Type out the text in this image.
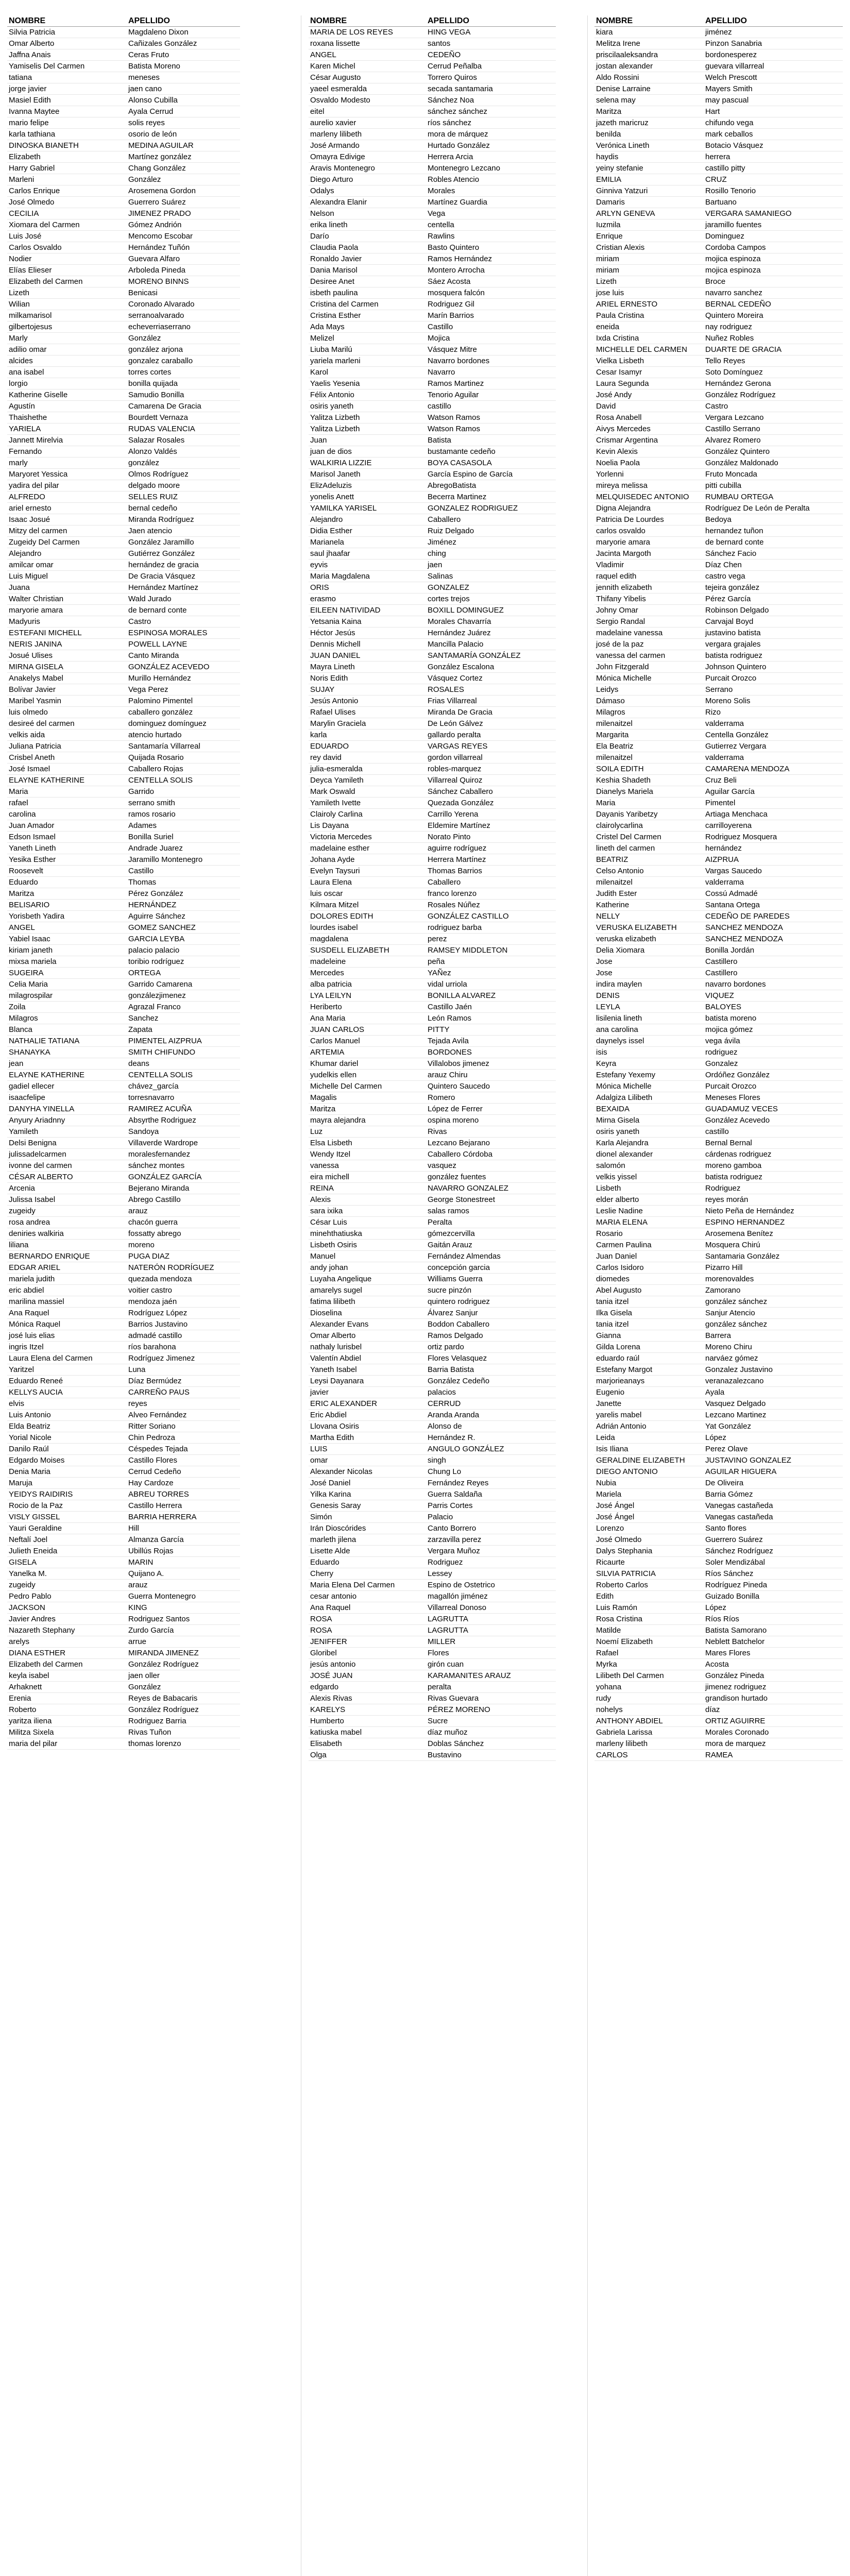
NOMBRE	APELLIDO
Silvia Patricia	Magdaleno Dixon
Omar Alberto	Cañizales González
Jaffna Anais	Ceras Fruto
Yamiselis Del Carmen	Batista Moreno
tatiana	meneses
jorge javier	jaen cano
Masiel Edith	Alonso Cubilla
Ivanna Maytee	Ayala Cerrud
mario felipe	solis reyes
karla tathiana	osorio de león
DINOSKA BIANETH	MEDINA AGUILAR
Elizabeth	Martínez gonzález
Harry Gabriel	Chang González
Marleni	González
Carlos Enrique	Arosemena Gordon
José Olmedo	Guerrero Suárez
CECILIA	JIMENEZ PRADO
Xiomara del Carmen	Gómez Andrión
Luis José	Mencomo Escobar
Carlos Osvaldo	Hernández Tuñón
Nodier	Guevara Alfaro
Elías Elieser	Arboleda Pineda
Elizabeth del Carmen	MORENO BINNS
Lizeth	Benicasi
Wilian	Coronado Alvarado
milkamarisol	serranoalvarado
gilbertojesus	echeverriaserrano
Marly	González
adilio omar	gonzález arjona
alcides	gonzalez caraballo
ana isabel	torres cortes
lorgio	bonilla quijada
Katherine Giselle	Samudio Bonilla
Agustín	Camarena De Gracia
Thaishethe	Bourdett Vernaza
YARIELA	RUDAS VALENCIA
Jannett Mirelvia	Salazar Rosales
Fernando	Alonzo Valdés
marly	gonzález
Maryoret Yessica	Olmos Rodríguez
yadira del pilar	delgado moore
ALFREDO	SELLES RUIZ
ariel ernesto	bernal cedeño
Isaac Josué	Miranda Rodríguez
Mitzy del carmen	Jaen atencio
Zugeidy Del Carmen	González Jaramillo
Alejandro	Gutiérrez González
amilcar omar	hernández de gracia
Luis Miguel	De Gracia Vásquez
Juana	Hernández Martínez
Walter Christian	Wald Jurado
maryorie amara	de bernard conte
Madyuris	Castro
ESTEFANI MICHELL	ESPINOSA MORALES
NERIS JANINA	POWELL LAYNE
Josué Ulises	Canto Miranda
MIRNA GISELA	GONZÁLEZ ACEVEDO
Anakelys Mabel	Murillo Hernández
Bolívar Javier	Vega Perez
Maribel Yasmin	Palomino Pimentel
luis olmedo	caballero gonzález
desireé del carmen	dominguez domínguez
velkis aida	atencio hurtado
Juliana Patricia	Santamaría Villarreal
Crisbel Aneth	Quijada Rosario
José Ismael	Caballero Rojas
ELAYNE KATHERINE	CENTELLA SOLIS
Maria	Garrido
rafael	serrano smith
carolina	ramos rosario
Juan Amador	Adames
Edson Ismael	Bonilla Suriel
Yaneth Lineth	Andrade Juarez
Yesika Esther	Jaramillo Montenegro
Roosevelt	Castillo
Eduardo	Thomas
Maritza	Pérez González
BELISARIO	HERNÁNDEZ
Yorisbeth Yadira	Aguirre Sánchez
ANGEL	GOMEZ SANCHEZ
Yabiel Isaac	GARCIA LEYBA
kiriam janeth	palacio palacio
mixsa mariela	toribio rodríguez
SUGEIRA	ORTEGA
Celia Maria	Garrido Camarena
milagrospilar	gonzálezjimenez
Zoila	Agrazal Franco
Milagros	Sanchez
Blanca	Zapata
NATHALIE TATIANA	PIMENTEL AIZPRUA
SHANAYKA	SMITH CHIFUNDO
jean	deans
ELAYNE KATHERINE	CENTELLA SOLIS
gadiel ellecer	chávez_garcía
isaacfelipe	torresnavarro
DANYHA YINELLA	RAMIREZ ACUÑA
Anyury Ariadnny	Absyrthe Rodriguez
Yamileth	Sandoya
Delsi Benigna	Villaverde Wardrope
julissadelcarmen	moralesfernandez
ivonne del carmen	sánchez montes
CÉSAR ALBERTO	GONZÁLEZ GARCÍA
Arcenia	Bejerano Miranda
Julissa Isabel	Abrego Castillo
zugeidy	arauz
rosa andrea	chacón guerra
deniries walkiria	fossatty abrego
liliana	moreno
BERNARDO ENRIQUE	PUGA DIAZ
EDGAR ARIEL	NATERÓN RODRÍGUEZ
mariela judith	quezada mendoza
eric abdiel	voitier castro
marilina massiel	mendoza jaén
Ana Raquel	Rodríguez López
Mónica Raquel	Barrios Justavino
josé luis elias	admadé castillo
ingris Itzel	ríos barahona
Laura Elena del Carmen	Rodríguez Jimenez
Yaritzel	Luna
Eduardo Reneé	Díaz Bermúdez
KELLYS AUCIA	CARREÑO PAUS
elvis	reyes
Luis Antonio	Alveo Fernández
Elda Beatriz	Ritter Soriano
Yorial Nicole	Chin Pedroza
Danilo Raúl	Céspedes Tejada
Edgardo Moises	Castillo Flores
Denia Maria	Cerrud Cedeño
Maruja	Hay Cardoze
YEIDYS RAIDIRIS	ABREU TORRES
Rocio de la Paz	Castillo Herrera
VISLY GISSEL	BARRIA HERRERA
Yauri Geraldine	Hill
Neftalí Joel	Almanza García
Julieth Eneida	Ubillús Rojas
GISELA	MARIN
Yanelka M.	Quijano A.
zugeidy	arauz
Pedro Pablo	Guerra Montenegro
JACKSON	KING
Javier Andres	Rodriguez Santos
Nazareth Stephany	Zurdo García
arelys	arrue
DIANA ESTHER	MIRANDA JIMENEZ
Elizabeth del Carmen	González Rodríguez
keyla isabel	jaen oller
Arhaknett	González
Erenia	Reyes de Babacaris
Roberto	González Rodríguez
yaritza iliena	Rodriguez Barria
Militza Sixela	Rivas Tuñon
maria del pilar	thomas lorenzo
NOMBRE	APELLIDO
MARIA DE LOS REYES	HING VEGA
roxana lissette	santos
ANGEL	CEDEÑO
Karen Michel	Cerrud Peñalba
César Augusto	Torrero Quiros
yaeel esmeralda	secada santamaria
Osvaldo Modesto	Sánchez Noa
eitel	sánchez sánchez
aurelio xavier	ríos sánchez
marleny lilibeth	mora de márquez
José Armando	Hurtado González
Omayra Edivige	Herrera Arcia
Aravis Montenegro	Montenegro Lezcano
Diego Arturo	Robles Atencio
Odalys	Morales
Alexandra Elanir	Martínez Guardia
Nelson	Vega
erika lineth	centella
Darío	Rawlins
Claudia Paola	Basto Quintero
Ronaldo Javier	Ramos Hernández
Dania Marisol	Montero Arrocha
Desiree Anet	Sáez Acosta
isbeth paulina	mosquera falcón
Cristina del Carmen	Rodriguez Gil
Cristina Esther	Marín Barrios
Ada Mays	Castillo
Melizel	Mojica
Liuba Marilú	Vásquez Mitre
yariela marleni	Navarro bordones
Karol	Navarro
Yaelis Yesenia	Ramos Martinez
Félix Antonio	Tenorio Aguilar
osiris yaneth	castillo
Yalitza Lizbeth	Watson Ramos
Yalitza Lizbeth	Watson Ramos
Juan	Batista
juan de dios	bustamante cedeño
WALKIRIA LIZZIE	BOYA CASASOLA
Marisol Janeth	García Espino de García
ElizAdeluzis	AbregoBatista
yonelis Anett	Becerra Martinez
YAMILKA YARISEL	GONZALEZ RODRIGUEZ
Alejandro	Caballero
Didia Esther	Ruiz Delgado
Marianela	Jiménez
saul jhaafar	ching
eyvis	jaen
Maria Magdalena	Salinas
ORIS	GONZALEZ
erasmo	cortes trejos
EILEEN NATIVIDAD	BOXILL DOMINGUEZ
Yetsania Kaina	Morales Chavarría
Héctor Jesús	Hernández Juárez
Dennis Michell	Mancilla Palacio
JUAN DANIEL	SANTAMARÍA GONZÁLEZ
Mayra Lineth	González Escalona
Noris Edith	Vásquez Cortez
SUJAY	ROSALES
Jesús Antonio	Frias Villarreal
Rafael Ulises	Miranda De Gracia
Marylin Graciela	De León Gálvez
karla	gallardo peralta
EDUARDO	VARGAS REYES
rey david	gordon villarreal
julia-esmeralda	robles-marquez
Deyca Yamileth	Villarreal Quiroz
Mark Oswald	Sánchez Caballero
Yamileth Ivette	Quezada González
Clairoly Carlina	Carrillo Yerena
Lis Dayana	Eldemire Martínez
Victoria Mercedes	Norato Pinto
madelaine esther	aguirre rodríguez
Johana Ayde	Herrera Martínez
Evelyn Taysuri	Thomas Barrios
Laura Elena	Caballero
luis oscar	franco lorenzo
Kilmara Mitzel	Rosales Núñez
DOLORES EDITH	GONZÁLEZ CASTILLO
lourdes isabel	rodriguez barba
magdalena	perez
SUSDELL ELIZABETH	RAMSEY MIDDLETON
madeleine	peña
Mercedes	YAÑez
alba patricia	vidal urriola
LYA LEILYN	BONILLA ALVAREZ
Heriberto	Castillo Jaén
Ana Maria	León Ramos
JUAN CARLOS	PITTY
Carlos Manuel	Tejada Avila
ARTEMIA	BORDONES
Khumar dariel	Villalobos jimenez
yudelkis ellen	arauz Chiru
Michelle Del Carmen	Quintero Saucedo
Magalis	Romero
Maritza	López de Ferrer
mayra alejandra	ospina moreno
Luz	Rivas
Elsa Lisbeth	Lezcano Bejarano
Wendy Itzel	Caballero Córdoba
vanessa	vasquez
eira michell	gonzález fuentes
REINA	NAVARRO GONZALEZ
Alexis	George Stonestreet
sara ixika	salas ramos
César Luis	Peralta
minehthatiuska	gómezcervilla
Lisbeth Osiris	Gaitán Arauz
Manuel	Fernández Almendas
andy johan	concepción garcia
Luyaha Angelique	Williams Guerra
amarelys sugel	sucre pinzón
fatima lilibeth	quintero rodriguez
Dioselina	Álvarez Sanjur
Alexander Evans	Boddon Caballero
Omar Alberto	Ramos Delgado
nathaly lurisbel	ortiz pardo
Valentín Abdiel	Flores Velasquez
Yaneth Isabel	Barria Batista
Leysi Dayanara	González Cedeño
javier	palacios
ERIC ALEXANDER	CERRUD
Eric Abdiel	Aranda Aranda
Llovana Osiris	Alonso de
Martha Edith	Hernández R.
LUIS	ANGULO GONZÁLEZ
omar	singh
Alexander Nicolas	Chung Lo
José Daniel	Fernández Reyes
Yilka Karina	Guerra Saldaña
Genesis Saray	Parris Cortes
Simón	Palacio
Irán Dioscórides	Canto Borrero
marleth jilena	zarzavilla perez
Lisette Alde	Vergara Muñoz
Eduardo	Rodriguez
Cherry	Lessey
Maria Elena Del Carmen	Espino de Ostetrico
cesar antonio	magallón jiménez
Ana Raquel	Villarreal Donoso
ROSA	LAGRUTTA
ROSA	LAGRUTTA
JENIFFER	MILLER
Gloribel	Flores
jesús antonio	girón cuan
JOSÉ JUAN	KARAMANITES ARAUZ
edgardo	peralta
Alexis Rivas	Rivas Guevara
KARELYS	PÉREZ MORENO
Humberto	Sucre
katiuska mabel	díaz muñoz
Elisabeth	Doblas Sánchez
Olga	Bustavino
NOMBRE	APELLIDO
kiara	jiménez
Melitza Irene	Pinzon Sanabria
priscilaaleksandra	bordonesperez
jostan alexander	guevara villarreal
Aldo Rossini	Welch Prescott
Denise Larraine	Mayers Smith
selena may	may pascual
Maritza	Hart
jazeth maricruz	chifundo vega
benilda	mark ceballos
Verónica Lineth	Botacio Vásquez
haydis	herrera
yeiny stefanie	castillo pitty
EMILIA	CRUZ
Ginniva Yatzuri	Rosillo Tenorio
Damaris	Bartuano
ARLYN GENEVA	VERGARA SAMANIEGO
Iuzmila	jaramillo fuentes
Enrique	Dominguez
Cristian Alexis	Cordoba Campos
miriam	mojica espinoza
miriam	mojica espinoza
Lizeth	Broce
jose luis	navarro sanchez
ARIEL ERNESTO	BERNAL CEDEÑO
Paula Cristina	Quintero Moreira
eneida	nay rodriguez
Ixda Cristina	Nuñez Robles
MICHELLE DEL CARMEN	DUARTE DE GRACIA
Vielka Lisbeth	Tello Reyes
Cesar Isamyr	Soto Domínguez
Laura Segunda	Hernández Gerona
José Andy	González Rodríguez
David	Castro
Rosa Anabell	Vergara Lezcano
Aivys Mercedes	Castillo Serrano
Crismar Argentina	Alvarez Romero
Kevin Alexis	González Quintero
Noelia Paola	González Maldonado
Yorlenni	Fruto Moncada
mireya melissa	pitti cubilla
MELQUISEDEC ANTONIO	RUMBAU ORTEGA
Digna Alejandra	Rodríguez De León de Peralta
Patricia De Lourdes	Bedoya
carlos osvaldo	hernandez tuñon
maryorie amara	de bernard conte
Jacinta Margoth	Sánchez Facio
Vladimir	Díaz Chen
raquel edith	castro vega
jennith elizabeth	tejeira gonzález
Thifany Yibelis	Pérez García
Johny Omar	Robinson Delgado
Sergio Randal	Carvajal Boyd
madelaine vanessa	justavino batista
josé de la paz	vergara grajales
vanessa del carmen	batista rodriguez
John Fitzgerald	Johnson Quintero
Mónica Michelle	Purcait Orozco
Leidys	Serrano
Dámaso	Moreno Solis
Milagros	Rizo
milenaitzel	valderrama
Margarita	Centella González
Ela Beatriz	Gutierrez Vergara
milenaitzel	valderrama
SOILA EDITH	CAMARENA MENDOZA
Keshia Shadeth	Cruz Beli
Dianelys Mariela	Aguilar García
Maria	Pimentel
Dayanis Yaribetzy	Artiaga Menchaca
clairolycarlina	carrilloyerena
Cristel Del Carmen	Rodriguez Mosquera
lineth del carmen	hernández
BEATRIZ	AIZPRUA
Celso Antonio	Vargas Saucedo
milenaitzel	valderrama
Judith Ester	Cossú Admadé
Katherine	Santana Ortega
NELLY	CEDEÑO DE PAREDES
VERUSKA ELIZABETH	SANCHEZ MENDOZA
veruska elizabeth	SANCHEZ MENDOZA
Delia Xiomara	Bonilla Jordán
Jose	Castillero
Jose	Castillero
indira maylen	navarro bordones
DENIS	VIQUEZ
LEYLA	BALOYES
lisilenia lineth	batista moreno
ana carolina	mojica gómez
daynelys issel	vega ávila
isis	rodriguez
Keyra	Gonzalez
Estefany Yexemy	Ordóñez González
Mónica Michelle	Purcait Orozco
Adalgiza Lilibeth	Meneses Flores
BEXAIDA	GUADAMUZ VECES
Mirna Gisela	González Acevedo
osiris yaneth	castillo
Karla Alejandra	Bernal Bernal
dionel alexander	cárdenas rodriguez
salomón	moreno gamboa
velkis yissel	batista rodriguez
Lisbeth	Rodriguez
elder alberto	reyes morán
Leslie Nadine	Nieto Peña de Hernández
MARIA ELENA	ESPINO HERNANDEZ
Rosario	Arosemena Benítez
Carmen Paulina	Mosquera Chirú
Juan Daniel	Santamaria González
Carlos Isidoro	Pizarro Hill
diomedes	morenovaldes
Abel Augusto	Zamorano
tania itzel	gonzález sánchez
Ilka Gisela	Sanjur Atencio
tania itzel	gonzález sánchez
Gianna	Barrera
Gilda Lorena	Moreno Chiru
eduardo raúl	narváez gómez
Estefany Margot	Gonzalez Justavino
marjorieanays	veranazalezcano
Eugenio	Ayala
Janette	Vasquez Delgado
yarelis mabel	Lezcano Martinez
Adrián Antonio	Yat González
Leida	López
Isis Iliana	Perez Olave
GERALDINE ELIZABETH	JUSTAVINO GONZALEZ
DIEGO ANTONIO	AGUILAR HIGUERA
Nubia	De Oliveira
Mariela	Barria Gómez
José Ángel	Vanegas castañeda
José Ángel	Vanegas castañeda
Lorenzo	Santo flores
José Olmedo	Guerrero Suárez
Dalys Stephania	Sánchez Rodríguez
Ricaurte	Soler Mendizábal
SILVIA PATRICIA	Ríos Sánchez
Roberto Carlos	Rodríguez Pineda
Edith	Guizado Bonilla
Luis Ramón	López
Rosa Cristina	Ríos Ríos
Matilde	Batista Samorano
Noemí Elizabeth	Neblett Batchelor
Rafael	Mares Flores
Myrka	Acosta
Lilibeth Del Carmen	González Pineda
yohana	jimenez rodriguez
rudy	grandison hurtado
nohelys	díaz
ANTHONY ABDIEL	ORTIZ AGUIRRE
Gabriela Larissa	Morales Coronado
marleny lilibeth	mora de marquez
CARLOS	RAMEA
